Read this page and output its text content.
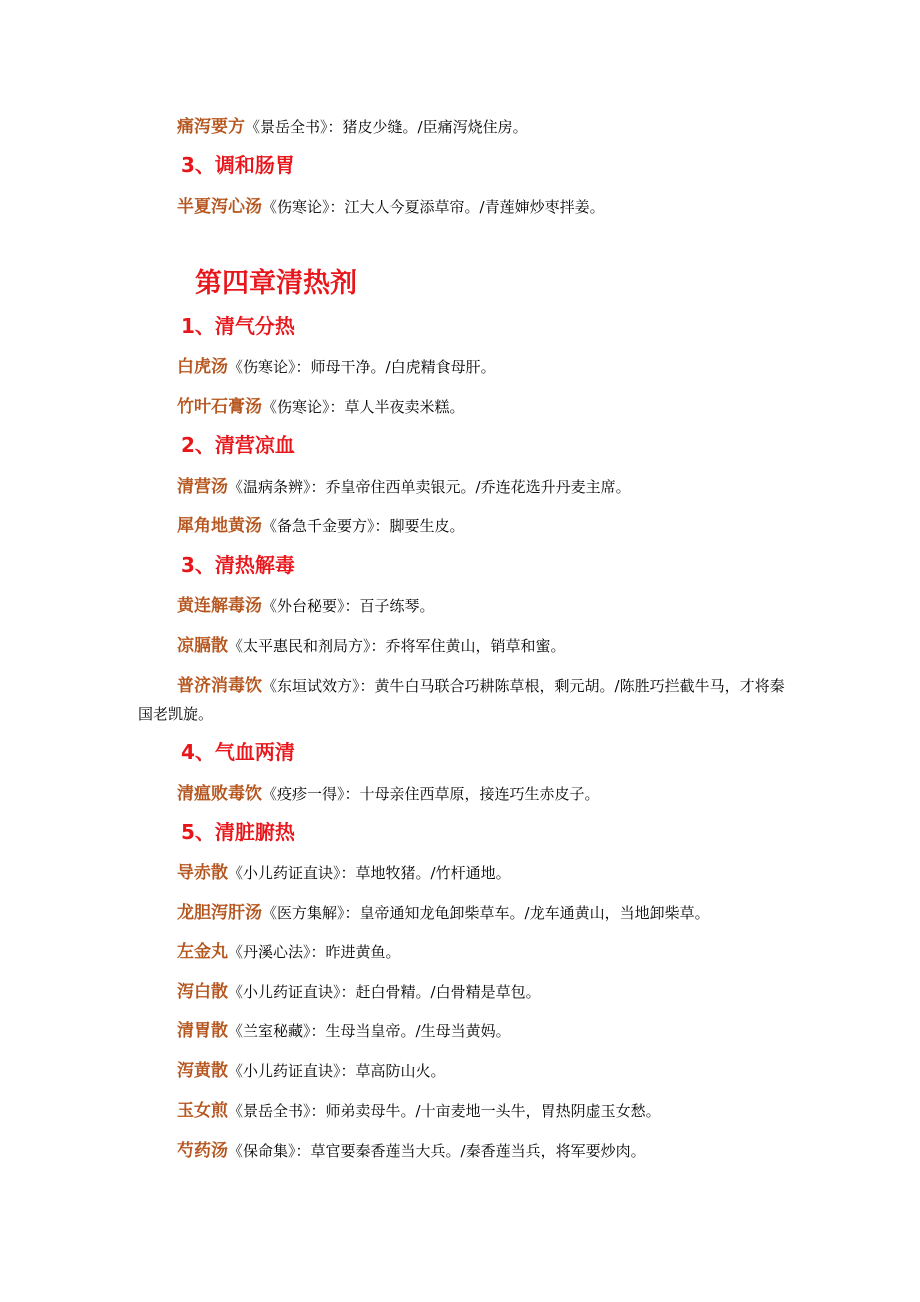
痛泻要方《景岳全书》：猪皮少缝。/臣痛泻烧住房。
3、调和肠胃
半夏泻心汤《伤寒论》：江大人今夏添草帘。/青莲婶炒枣拌姜。
第四章清热剂
1、清气分热
白虎汤《伤寒论》：师母干净。/白虎精食母肝。
竹叶石膏汤《伤寒论》：草人半夜卖米糕。
2、清营凉血
清营汤《温病条辨》：乔皇帝住西单卖银元。/乔连花选升丹麦主席。
犀角地黄汤《备急千金要方》：脚要生皮。
3、清热解毒
黄连解毒汤《外台秘要》：百子练琴。
凉膈散《太平惠民和剂局方》：乔将军住黄山，销草和蜜。
普济消毒饮《东垣试效方》：黄牛白马联合巧耕陈草根，剩元胡。/陈胜巧拦截牛马，才将秦国老凯旋。
4、气血两清
清瘟败毒饮《疫疹一得》：十母亲住西草原，接连巧生赤皮子。
5、清脏腑热
导赤散《小儿药证直诀》：草地牧猪。/竹杆通地。
龙胆泻肝汤《医方集解》：皇帝通知龙龟卸柴草车。/龙车通黄山，当地卸柴草。
左金丸《丹溪心法》：昨进黄鱼。
泻白散《小儿药证直诀》：赶白骨精。/白骨精是草包。
清胃散《兰室秘藏》：生母当皇帝。/生母当黄妈。
泻黄散《小儿药证直诀》：草高防山火。
玉女煎《景岳全书》：师弟卖母牛。/十亩麦地一头牛，胃热阴虚玉女愁。
芍药汤《保命集》：草官要秦香莲当大兵。/秦香莲当兵，将军要炒肉。
